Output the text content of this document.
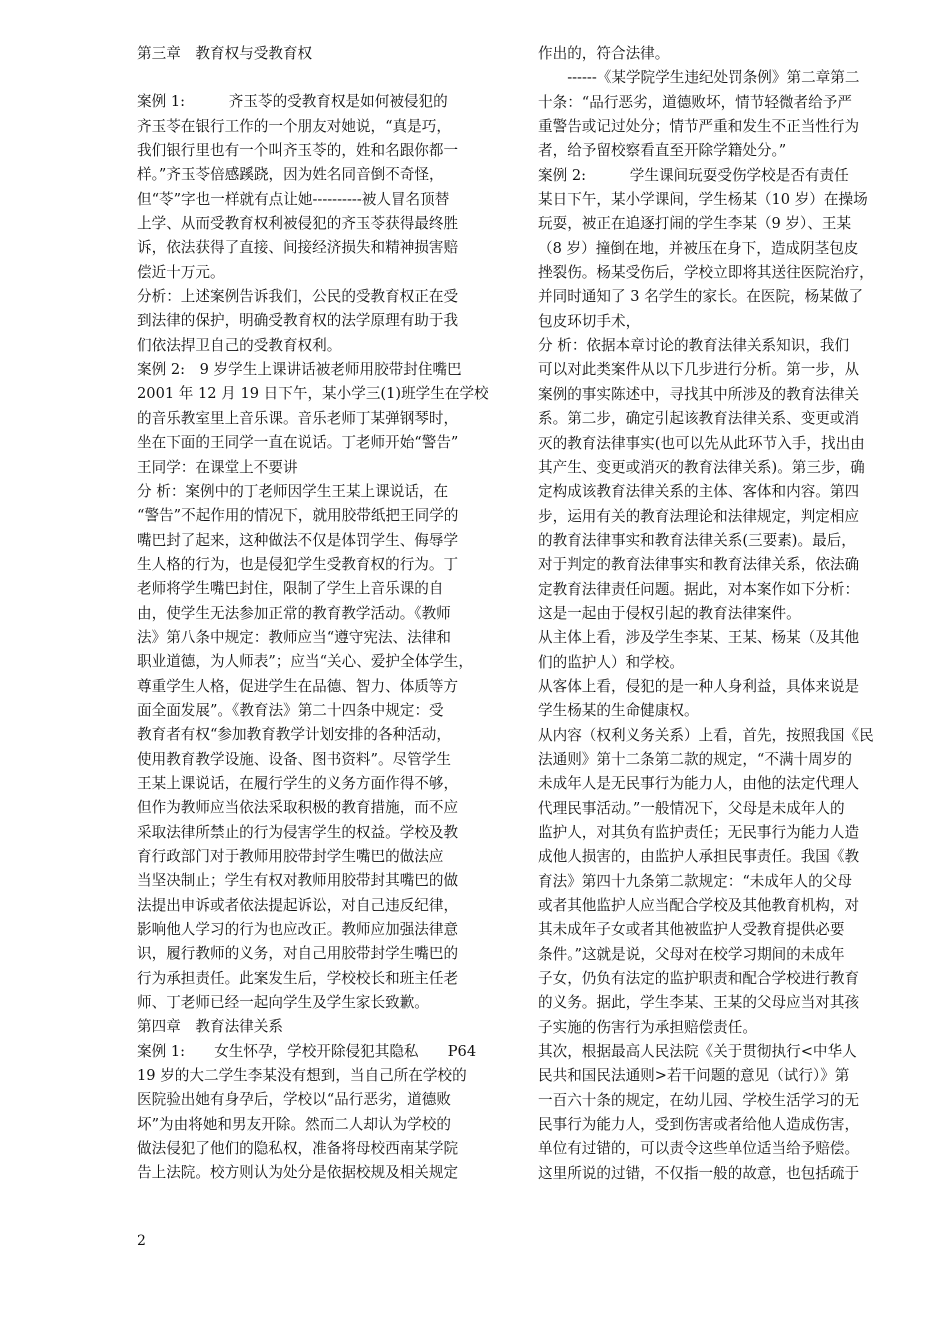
第三章　教育权与受教育权

案例 1:　　　齐玉苓的受教育权是如何被侵犯的

齐玉苓在银行工作的一个朋友对她说，“真是巧，

我们银行里也有一个叫齐玉苓的，姓和名跟你都一

样。”齐玉苓倍感蹊跷，因为姓名同音倒不奇怪，

但“苓”字也一样就有点让她----------被人冒名顶替

上学、从而受教育权利被侵犯的齐玉苓获得最终胜

诉，依法获得了直接、间接经济损失和精神损害赔

偿近十万元。

分析：上述案例告诉我们，公民的受教育权正在受

到法律的保护，明确受教育权的法学原理有助于我

们依法捍卫自己的受教育权利。

案例 2:　9 岁学生上课讲话被老师用胶带封住嘴巴

2001 年 12 月 19 日下午，某小学三(1)班学生在学校

的音乐教室里上音乐课。音乐老师丁某弹钢琴时，

坐在下面的王同学一直在说话。丁老师开始“警告”

王同学：在课堂上不要讲

分 析：案例中的丁老师因学生王某上课说话，在

“警告”不起作用的情况下，就用胶带纸把王同学的

嘴巴封了起来，这种做法不仅是体罚学生、侮辱学

生人格的行为，也是侵犯学生受教育权的行为。丁

老师将学生嘴巴封住，限制了学生上音乐课的自

由，使学生无法参加正常的教育教学活动。《教师

法》第八条中规定：教师应当“遵守宪法、法律和

职业道德，为人师表”；应当“关心、爱护全体学生，

尊重学生人格，促进学生在品德、智力、体质等方

面全面发展”。《教育法》第二十四条中规定：受

教育者有权“参加教育教学计划安排的各种活动，

使用教育教学设施、设备、图书资料”。尽管学生

王某上课说话，在履行学生的义务方面作得不够，

但作为教师应当依法采取积极的教育措施，而不应

采取法律所禁止的行为侵害学生的权益。学校及教

育行政部门对于教师用胶带封学生嘴巴的做法应

当坚决制止；学生有权对教师用胶带封其嘴巴的做

法提出申诉或者依法提起诉讼，对自己违反纪律，

影响他人学习的行为也应改正。教师应加强法律意

识，履行教师的义务，对自己用胶带封学生嘴巴的

行为承担责任。此案发生后，学校校长和班主任老

师、丁老师已经一起向学生及学生家长致歉。

第四章　教育法律关系

案例 1:　　女生怀孕，学校开除侵犯其隐私　　P64

19 岁的大二学生李某没有想到，当自己所在学校的

医院验出她有身孕后，学校以“品行恶劣，道德败

坏”为由将她和男友开除。然而二人却认为学校的

做法侵犯了他们的隐私权，准备将母校西南某学院

告上法院。校方则认为处分是依据校规及相关规定

作出的，符合法律。

　　------《某学院学生违纪处罚条例》第二章第二

十条：“品行恶劣，道德败坏，情节轻微者给予严

重警告或记过处分；情节严重和发生不正当性行为

者，给予留校察看直至开除学籍处分。”

案例 2:　　　学生课间玩耍受伤学校是否有责任

某日下午，某小学课间，学生杨某（10 岁）在操场

玩耍，被正在追逐打闹的学生李某（9 岁）、王某

（8 岁）撞倒在地，并被压在身下，造成阴茎包皮

挫裂伤。杨某受伤后，学校立即将其送往医院治疗，

并同时通知了 3 名学生的家长。在医院，杨某做了

包皮环切手术，

分 析：依据本章讨论的教育法律关系知识，我们

可以对此类案件从以下几步进行分析。第一步，从

案例的事实陈述中，寻找其中所涉及的教育法律关

系。第二步，确定引起该教育法律关系、变更或消

灭的教育法律事实(也可以先从此环节入手，找出由

其产生、变更或消灭的教育法律关系)。第三步，确

定构成该教育法律关系的主体、客体和内容。第四

步，运用有关的教育法理论和法律规定，判定相应

的教育法律事实和教育法律关系(三要素)。最后，

对于判定的教育法律事实和教育法律关系，依法确

定教育法律责任问题。据此，对本案作如下分析：

这是一起由于侵权引起的教育法律案件。

从主体上看，涉及学生李某、王某、杨某（及其他

们的监护人）和学校。

从客体上看，侵犯的是一种人身利益，具体来说是

学生杨某的生命健康权。

从内容（权利义务关系）上看，首先，按照我国《民

法通则》第十二条第二款的规定，“不满十周岁的

未成年人是无民事行为能力人，由他的法定代理人

代理民事活动。”一般情况下，父母是未成年人的

监护人，对其负有监护责任；无民事行为能力人造

成他人损害的，由监护人承担民事责任。我国《教

育法》第四十九条第二款规定：“未成年人的父母

或者其他监护人应当配合学校及其他教育机构，对

其未成年子女或者其他被监护人受教育提供必要

条件。”这就是说，父母对在校学习期间的未成年

子女，仍负有法定的监护职责和配合学校进行教育

的义务。据此，学生李某、王某的父母应当对其孩

子实施的伤害行为承担赔偿责任。

其次，根据最高人民法院《关于贯彻执行<中华人

民共和国民法通则>若干问题的意见（试行）》第

一百六十条的规定，在幼儿园、学校生活学习的无

民事行为能力人，受到伤害或者给他人造成伤害，

单位有过错的，可以责令这些单位适当给予赔偿。

这里所说的过错，不仅指一般的故意，也包括疏于

2
